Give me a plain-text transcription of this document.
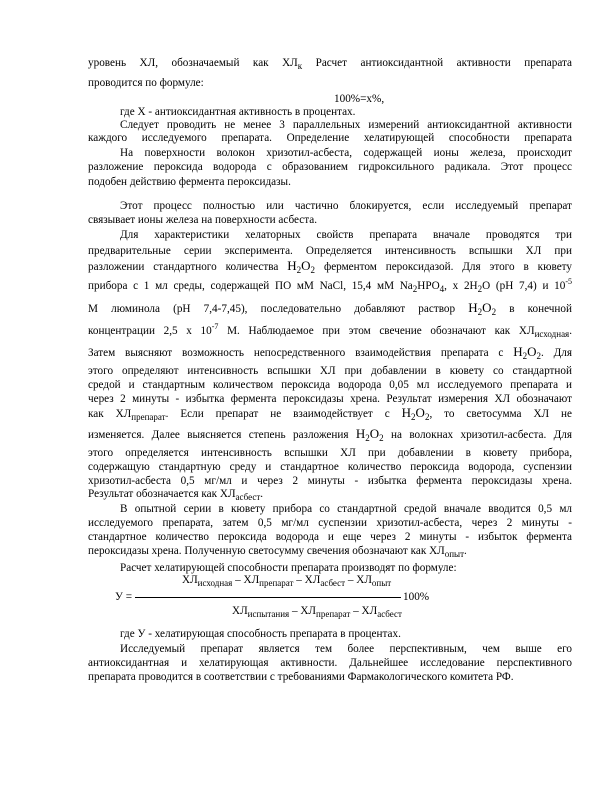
уровень ХЛ, обозначаемый как $ХЛ_к$ Расчет антиоксидантной активности препарата
проводится по формуле:
100%=х%,
где Х - антиоксидантная активность в процентах.
Следует проводить не менее 3 параллельных измерений антиоксидантной активности
каждого исследуемого препарата. Определение хелатирующей способности препарата
На поверхности волокон хризотил-асбеста, содержащей ионы железа, происходит
разложение пероксида водорода с образованием гидроксильного радикала. Этот процесс
подобен действию фермента пероксидазы.
Этот процесс полностью или частично блокируется, если исследуемый препарат
связывает ионы железа на поверхности асбеста.
Для характеристики хелаторных свойств препарата вначале проводятся три
предварительные серии эксперимента. Определяется интенсивность вспышки ХЛ при
разложении стандартного количества $H_2O_2$ ферментом пероксидазой. Для этого в кювету
прибора с 1 мл среды, содержащей ПО мМ NaCl, 15,4 мМ $Na_2HPO_4$, х $2H_2O$ (pH 7,4) и $10^{-5}$
М люминола (pH 7,4-7,45), последовательно добавляют раствор $H_2O_2$ в конечной
концентрации 2,5 х $10^{-7}$ М. Наблюдаемое при этом свечение обозначают как $ХЛ_{исходная}$.
Затем выясняют возможность непосредственного взаимодействия препарата с $H_2O_2$. Для
этого определяют интенсивность вспышки ХЛ при добавлении в кювету со стандартной
средой и стандартным количеством пероксида водорода 0,05 мл исследуемого препарата и
через 2 минуты - избытка фермента пероксидазы хрена. Результат измерения ХЛ обозначают
как $ХЛ_{препарат}$. Если препарат не взаимодействует с $H_2O_2$, то светосумма ХЛ не
изменяется. Далее выясняется степень разложения $H_2O_2$ на волокнах хризотил-асбеста. Для
этого определяется интенсивность вспышки ХЛ при добавлении в кювету прибора,
содержащую стандартную среду и стандартное количество пероксида водорода, суспензии
хризотил-асбеста 0,5 мг/мл и через 2 минуты - избытка фермента пероксидазы хрена.
Результат обозначается как $ХЛ_{асбест}$.
В опытной серии в кювету прибора со стандартной средой вначале вводится 0,5 мл
исследуемого препарата, затем 0,5 мг/мл суспензии хризотил-асбеста, через 2 минуты -
стандартное количество пероксида водорода и еще через 2 минуты - избыток фермента
пероксидазы хрена. Полученную светосумму свечения обозначают как $ХЛ_{опыт}$.
Расчет хелатирующей способности препарата производят по формуле:
$ХЛ_{исходная} - ХЛ_{препарат} - ХЛ_{асбест} - ХЛ_{опыт}$
У =	100%
$ХЛ_{испытания} - ХЛ_{препарат} - ХЛ_{асбест}$
где У - хелатирующая способность препарата в процентах.
Исследуемый препарат является тем более перспективным, чем выше его
антиоксидантная и хелатирующая активности. Дальнейшее исследование перспективного
препарата проводится в соответствии с требованиями Фармакологического комитета РФ.
